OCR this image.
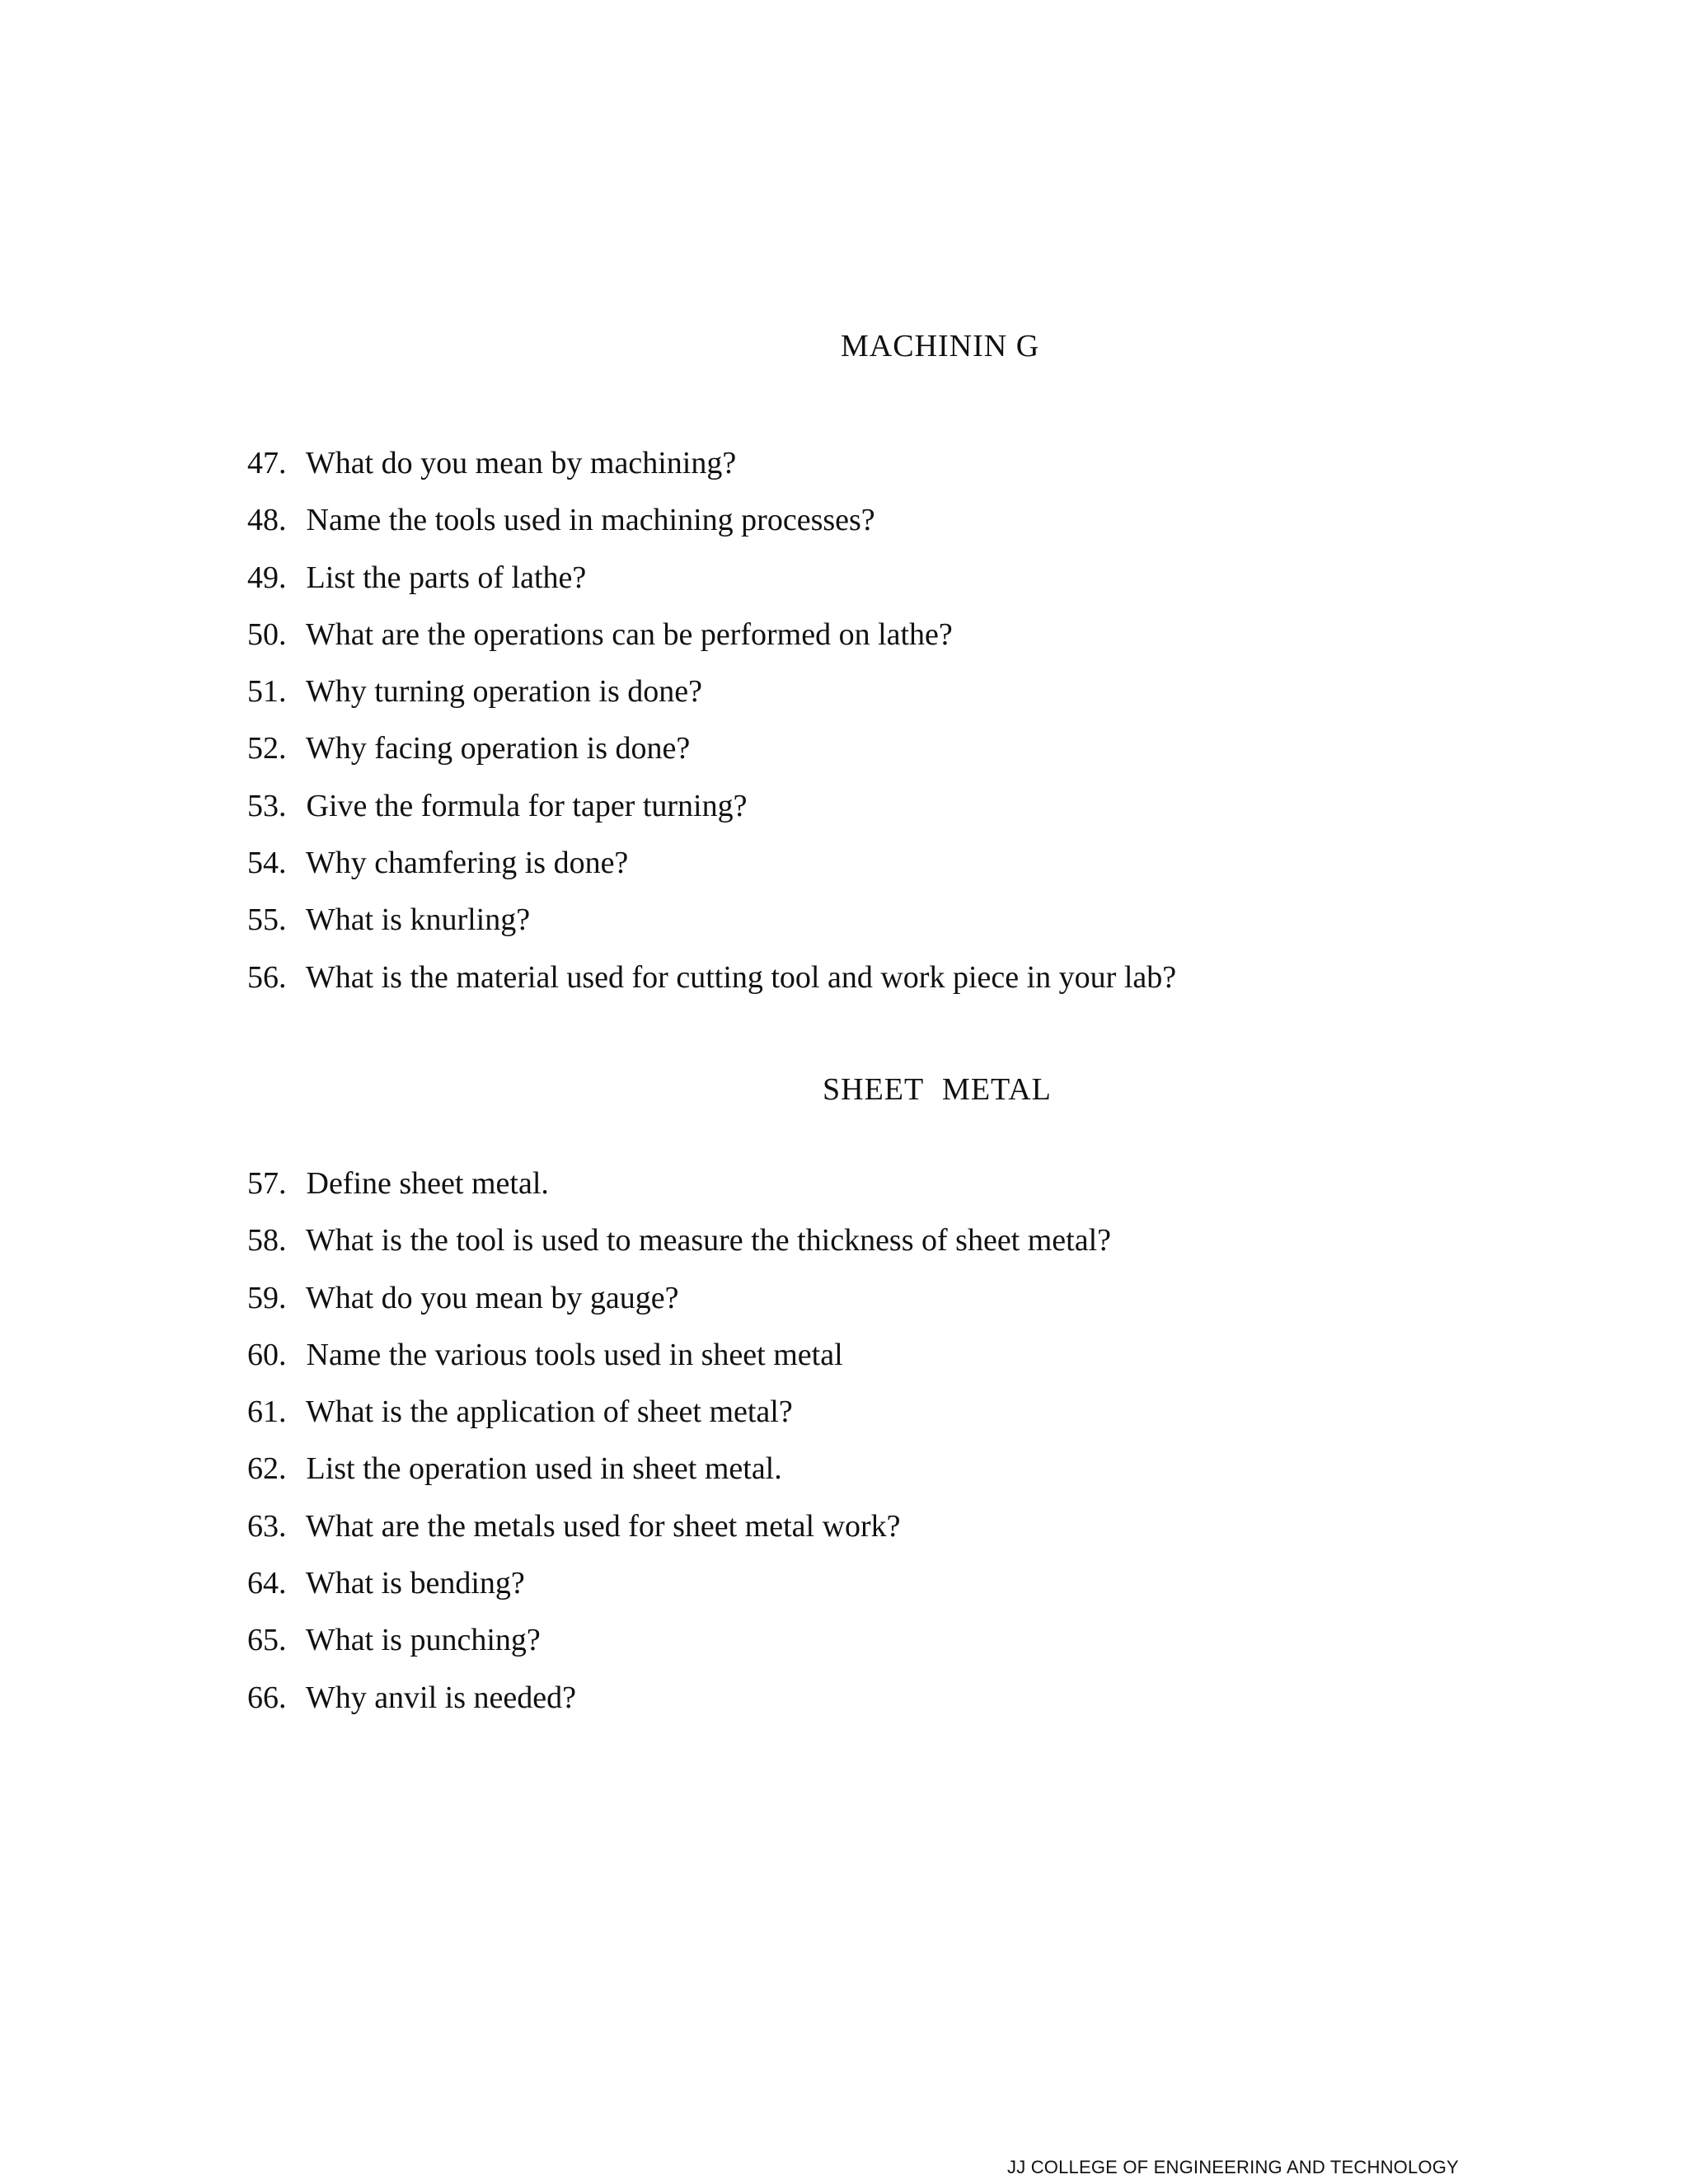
MACHININ G
47. What do you mean by machining?
48. Name the tools used in machining processes?
49. List the parts of lathe?
50. What are the operations can be performed on lathe?
51. Why turning operation is done?
52. Why facing operation is done?
53. Give the formula for taper turning?
54. Why chamfering is done?
55. What is knurling?
56. What is the material used for cutting tool and work piece in your lab?
SHEET METAL
57. Define sheet metal.
58. What is the tool is used to measure the thickness of sheet metal?
59. What do you mean by gauge?
60. Name the various tools used in sheet metal
61. What is the application of sheet metal?
62. List the operation used in sheet metal.
63. What are the metals used for sheet metal work?
64. What is bending?
65. What is punching?
66. Why anvil is needed?
JJ COLLEGE OF ENGINEERING AND TECHNOLOGY
